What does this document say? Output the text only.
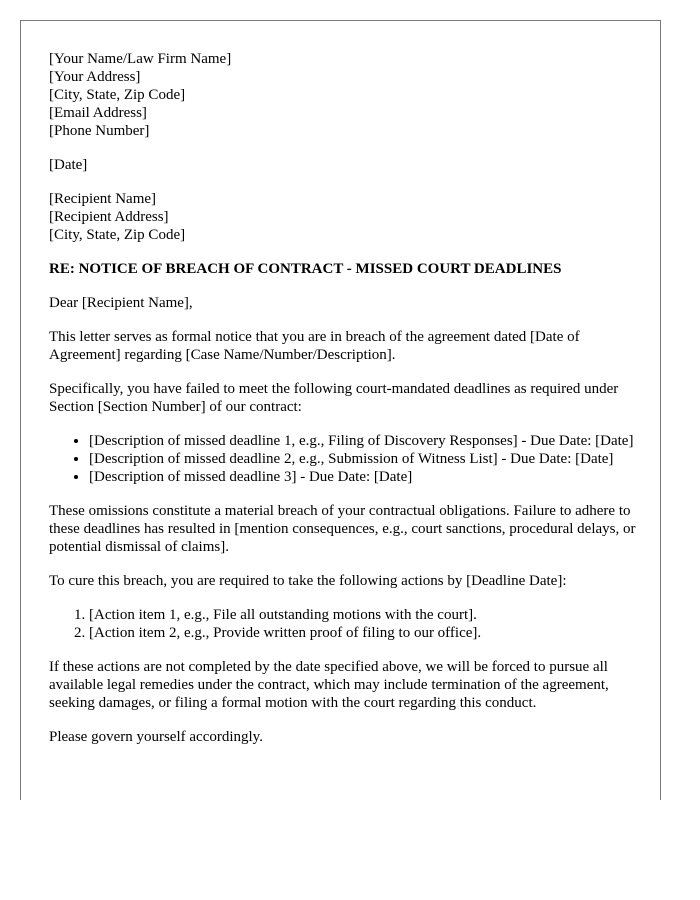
[Your Name/Law Firm Name]
[Your Address]
[City, State, Zip Code]
[Email Address]
[Phone Number]

[Date]

[Recipient Name]
[Recipient Address]
[City, State, Zip Code]

RE: NOTICE OF BREACH OF CONTRACT - MISSED COURT DEADLINES

Dear [Recipient Name],

This letter serves as formal notice that you are in breach of the agreement dated [Date of Agreement] regarding [Case Name/Number/Description].

Specifically, you have failed to meet the following court-mandated deadlines as required under Section [Section Number] of our contract:

• [Description of missed deadline 1, e.g., Filing of Discovery Responses] - Due Date: [Date]
• [Description of missed deadline 2, e.g., Submission of Witness List] - Due Date: [Date]
• [Description of missed deadline 3] - Due Date: [Date]

These omissions constitute a material breach of your contractual obligations. Failure to adhere to these deadlines has resulted in [mention consequences, e.g., court sanctions, procedural delays, or potential dismissal of claims].

To cure this breach, you are required to take the following actions by [Deadline Date]:

1. [Action item 1, e.g., File all outstanding motions with the court].
2. [Action item 2, e.g., Provide written proof of filing to our office].

If these actions are not completed by the date specified above, we will be forced to pursue all available legal remedies under the contract, which may include termination of the agreement, seeking damages, or filing a formal motion with the court regarding this conduct.

Please govern yourself accordingly.
